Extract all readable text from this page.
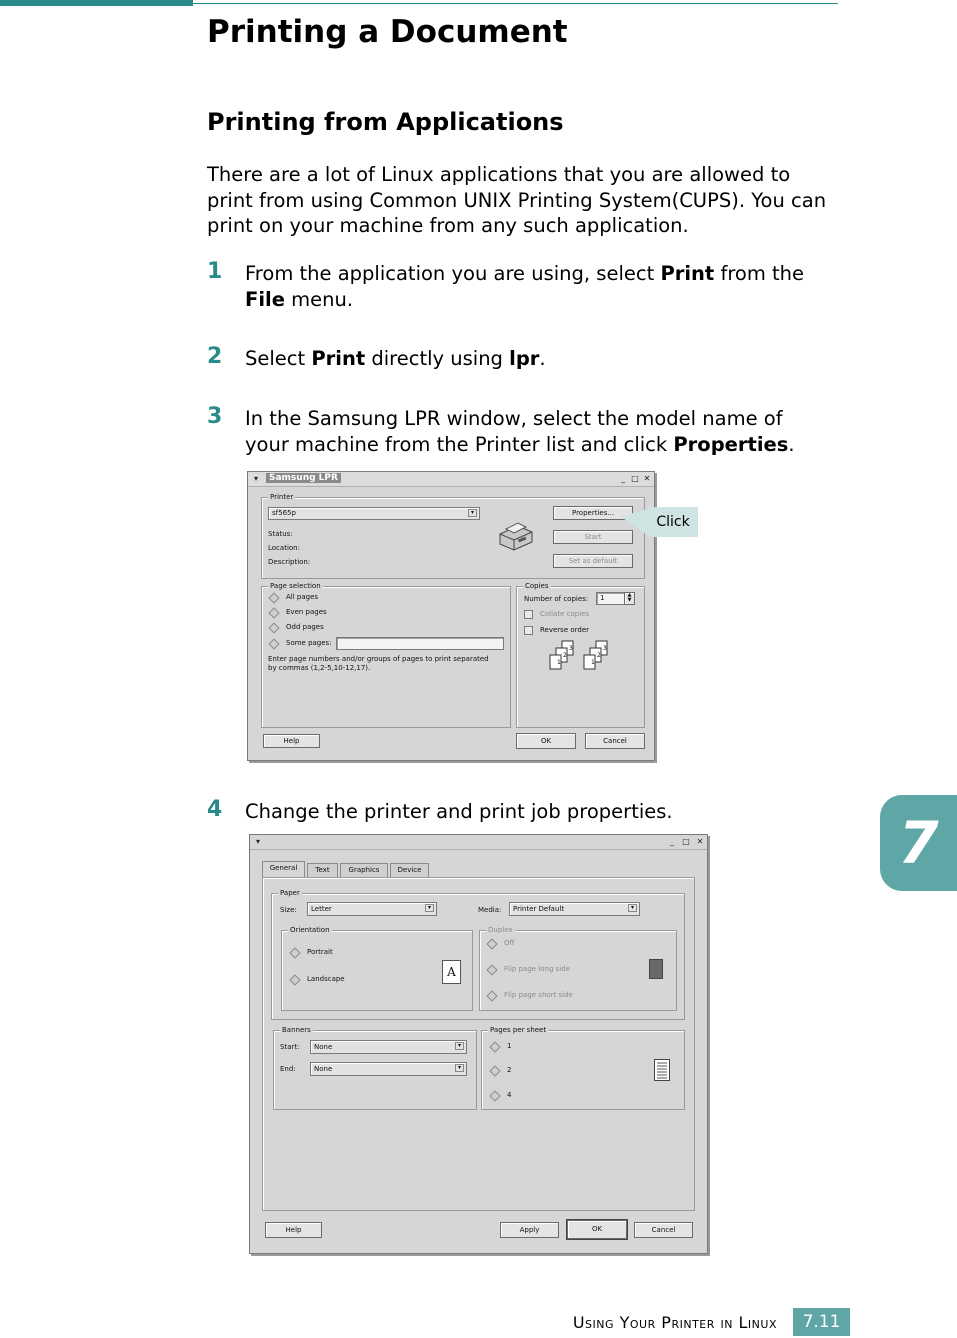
Printing a Document
Printing from Applications
There are a lot of Linux applications that you are allowed to print from using Common UNIX Printing System(CUPS). You can print on your machine from any such application.
1 From the application you are using, select Print from the File menu.
2 Select Print directly using lpr.
3 In the Samsung LPR window, select the model name of your machine from the Printer list and click Properties.
▾	Samsung LPR	_ □ ✕
Printer
sf565p	▾
Status:
Location:
Description:
Properties...
Start
Set as default
Page selection
All pages
Even pages
Odd pages
Some pages:
Enter page numbers and/or groups of pages to print separated
by commas (1,2-5,10-12,17).
Copies
Number of copies:	1	▲
▼
Collate copies
Reverse order
3
2
1
3
2
1
Help	OK	Cancel
Click
4 Change the printer and print job properties.
▾	_	□ ✕
General	Text	Graphics	Device
Paper
Size:	Letter	▾	Media:	Printer Default	▾
Orientation
Portrait
Landscape	A
Duplex
Off
Flip page long side
Flip page short side
Banners
Start:	None	▾
End:	None	▾
Pages per sheet
1
2
4
Help	Apply	OK	Cancel
7
Using Your Printer in Linux	7.11
